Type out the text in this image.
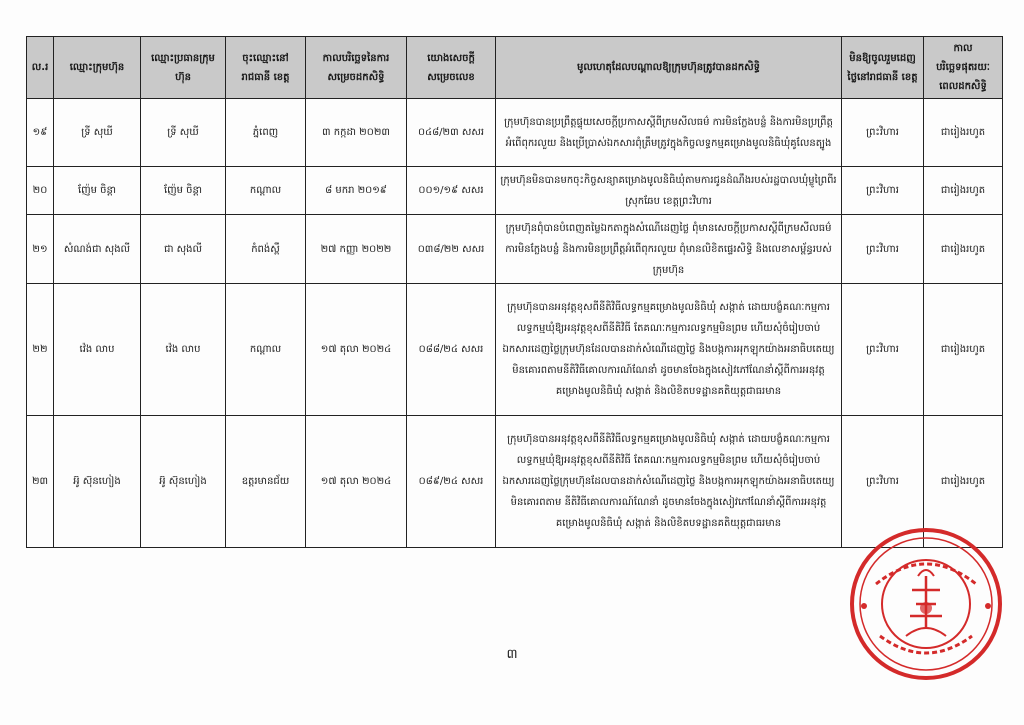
ល.រ	ឈ្មោះក្រុមហ៊ុន	ឈ្មោះប្រធានក្រុមហ៊ុន	ចុះឈ្មោះនៅរាជធានី ខេត្ត	កាលបរិច្ឆេទនៃការសម្រេចដកសិទ្ធិ	យោងសេចក្តីសម្រេចលេខ	មូលហេតុដែលបណ្តាលឱ្យក្រុមហ៊ុនត្រូវបានដកសិទ្ធិ	មិនឱ្យចូលរួមដេញថ្លៃនៅរាជធានី ខេត្ត	កាលបរិច្ឆេទផុតរយៈពេលដកសិទ្ធិ
១៩	ទ្រី សុឃី	ទ្រី សុឃី	ភ្នំពេញ	៣ កក្កដា ២០២៣	០៤៨/២៣ សសរ	ក្រុមហ៊ុនបានប្រព្រឹត្តផ្ទុយសេចក្តីប្រកាសស្តីពីក្រមសីលធម៌ ការមិនក្លែងបន្លំ និងការមិនប្រព្រឹត្តអំពើពុករលួយ និងប្រើប្រាស់ឯកសារពុំត្រឹមត្រូវក្នុងកិច្ចលទ្ធកម្មគម្រោងមូលនិធិឃុំគូលែនត្បូង	ព្រះវិហារ	ជារៀងរហូត
២០	ញ៉ែម ចិន្តា	ញ៉ែម ចិន្តា	កណ្តាល	៨ មករា ២០១៩	០០១/១៩ សសរ	ក្រុមហ៊ុនមិនបានមកចុះកិច្ចសន្យាគម្រោងមូលនិធិឃុំតាមការជូនដំណឹងរបស់រដ្ឋបាលឃុំម្លូព្រៃពីរ ស្រុកឆែប ខេត្តព្រះវិហារ	ព្រះវិហារ	ជារៀងរហូត
២១	សំណង់ជា សុងលី	ជា សុងលី	កំពង់ស្ពឺ	២៧ កញ្ញា ២០២២	០៣៨/២២ សសរ	ក្រុមហ៊ុនពុំបានបំពេញតម្លៃឯកតាក្នុងសំណើដេញថ្លៃ ពុំមានសេចក្តីប្រកាសស្តីពីក្រមសីលធម៌ ការមិនក្លែងបន្លំ និងការមិនប្រព្រឹត្តអំពើពុករលួយ ពុំមានលិខិតផ្ទេរសិទ្ធិ និងលេខាសម្ព័ន្ធរបស់ក្រុមហ៊ុន	ព្រះវិហារ	ជារៀងរហូត
២២	វ៉េង លាប	វ៉េង លាប	កណ្តាល	១៧ តុលា ២០២៤	០៨៨/២៤ សសរ	ក្រុមហ៊ុនបានអនុវត្តខុសពីនីតិវិធីលទ្ធកម្មគម្រោងមូលនិធិឃុំ សង្កាត់ ដោយបង្ខំគណៈកម្មការលទ្ធកម្មឃុំឱ្យអនុវត្តខុសពីនីតិវិធី តែគណៈកម្មការលទ្ធកម្មមិនព្រម ហើយសុំចំរៀបចាប់ឯកសារដេញថ្លៃក្រុមហ៊ុនដែលបានដាក់សំណើដេញថ្លៃ និងបង្កការអុកឡុកយ៉ាងអនាធិបតេយ្យ មិនគោរពតាមនីតិវិធីគោលការណ៍ណែនាំ ដូចមានចែងក្នុងសៀវភៅណែនាំស្តីពីការអនុវត្តគម្រោងមូលនិធិឃុំ សង្កាត់ និងលិខិតបទដ្ឋានគតិយុត្តជាធរមាន	ព្រះវិហារ	ជារៀងរហូត
២៣	អ៊ូ ស៊ុនហៀង	អ៊ូ ស៊ុនហៀង	ឧត្តរមានជ័យ	១៧ តុលា ២០២៤	០៨៩/២៤ សសរ	ក្រុមហ៊ុនបានអនុវត្តខុសពីនីតិវិធីលទ្ធកម្មគម្រោងមូលនិធិឃុំ សង្កាត់ ដោយបង្ខំគណៈកម្មការលទ្ធកម្មឃុំឱ្យអនុវត្តខុសពីនីតិវិធី តែគណៈកម្មការលទ្ធកម្មមិនព្រម ហើយសុំចំរៀបចាប់ឯកសារដេញថ្លៃក្រុមហ៊ុនដែលបានដាក់សំណើដេញថ្លៃ និងបង្កការអុកឡុកយ៉ាងអនាធិបតេយ្យ មិនគោរពតាម នីតិវិធីគោលការណ៍ណែនាំ ដូចមានចែងក្នុងសៀវភៅណែនាំស្តីពីការអនុវត្តគម្រោងមូលនិធិឃុំ សង្កាត់ និងលិខិតបទដ្ឋានគតិយុត្តជាធរមាន	ព្រះវិហារ	ជារៀងរហូត
៣
